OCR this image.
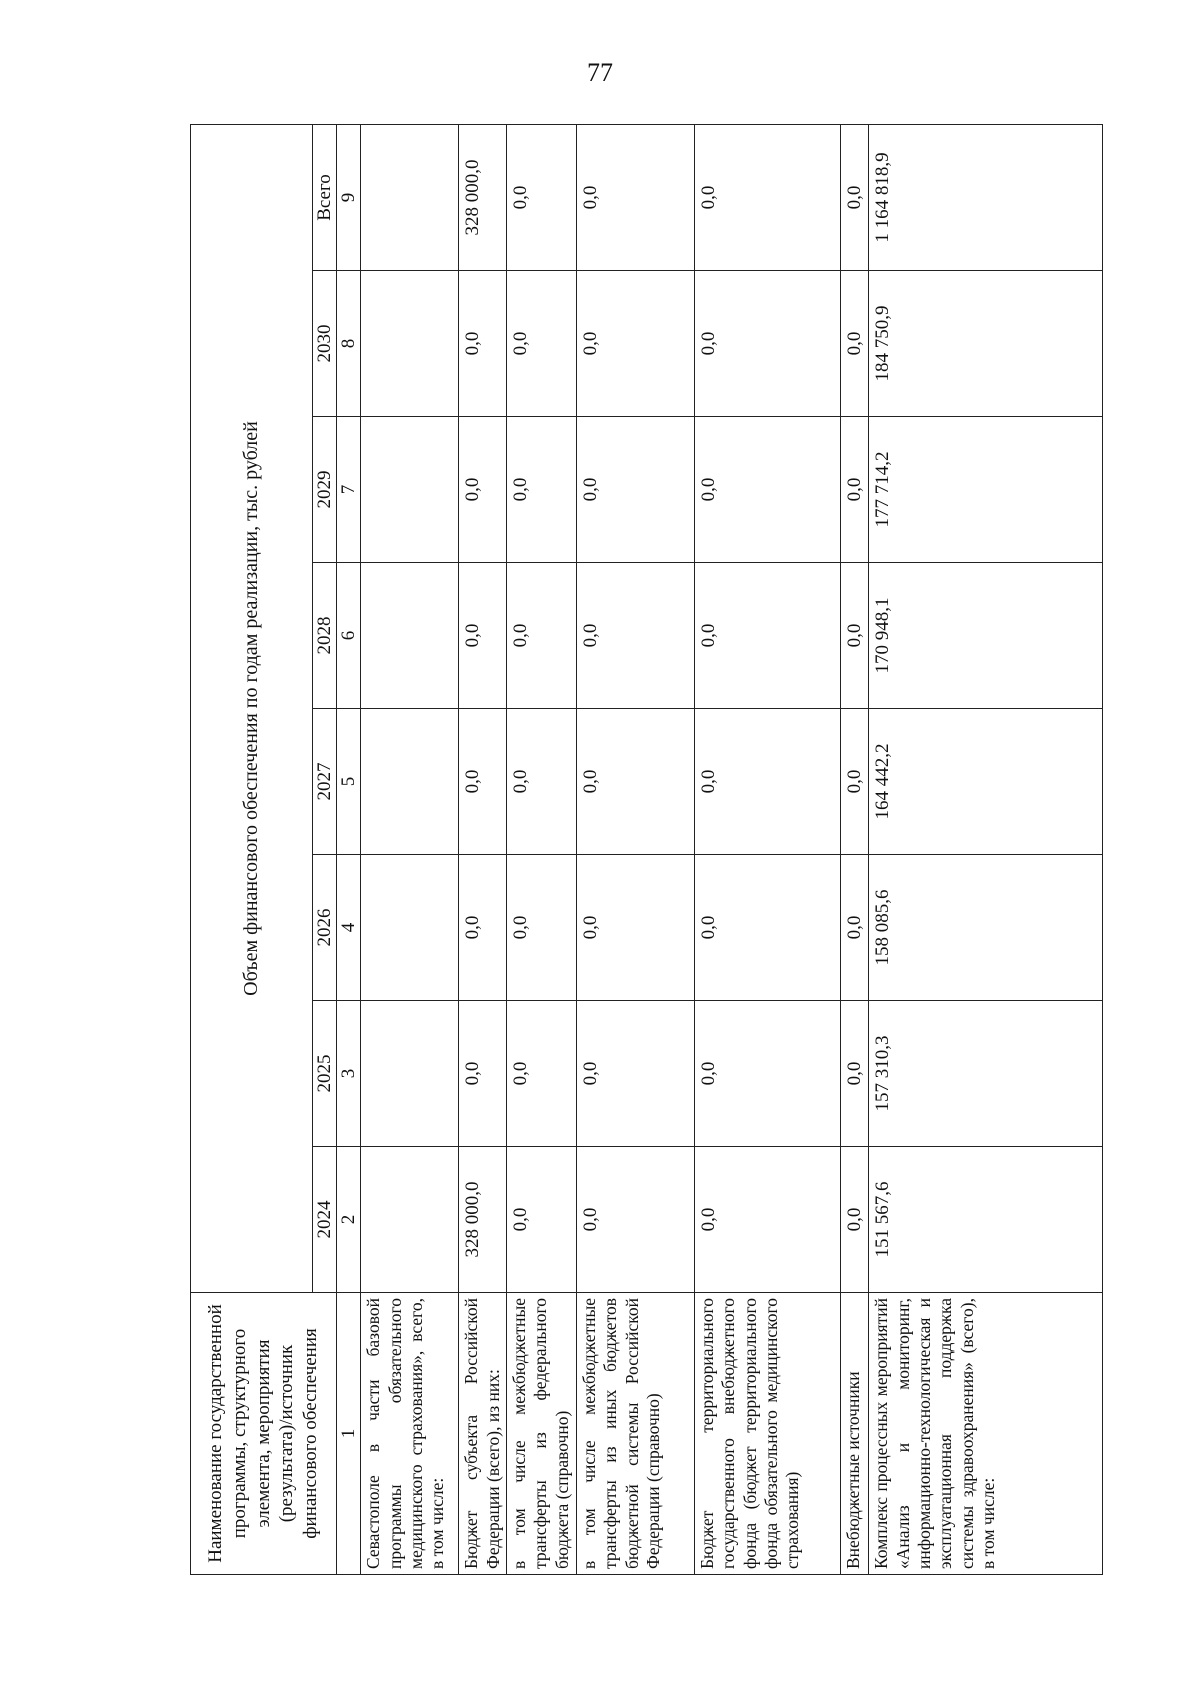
77
Наименование государственной программы, структурного элемента, мероприятия (результата)/источник финансового обеспечения	Объем финансового обеспечения по годам реализации, тыс. рублей							
	2024	2025	2026	2027	2028	2029	2030	Всего
1	2	3	4	5	6	7	8	9
Севастополе в части базовой программы обязательного медицинского страхования», всего, в том числе:								
Бюджет субъекта Российской Федерации (всего), из них:	328 000,0	0,0	0,0	0,0	0,0	0,0	0,0	328 000,0
в том числе межбюджетные трансферты из федерального бюджета (справочно)	0,0	0,0	0,0	0,0	0,0	0,0	0,0	0,0
в том числе межбюджетные трансферты из иных бюджетов бюджетной системы Российской Федерации (справочно)	0,0	0,0	0,0	0,0	0,0	0,0	0,0	0,0
Бюджет территориального государственного внебюджетного фонда (бюджет территориального фонда обязательного медицинского страхования)	0,0	0,0	0,0	0,0	0,0	0,0	0,0	0,0
Внебюджетные источники	0,0	0,0	0,0	0,0	0,0	0,0	0,0	0,0
Комплекс процессных мероприятий «Анализ и мониторинг, информационно-технологическая и эксплуатационная поддержка системы здравоохранения» (всего), в том числе:	151 567,6	157 310,3	158 085,6	164 442,2	170 948,1	177 714,2	184 750,9	1 164 818,9
